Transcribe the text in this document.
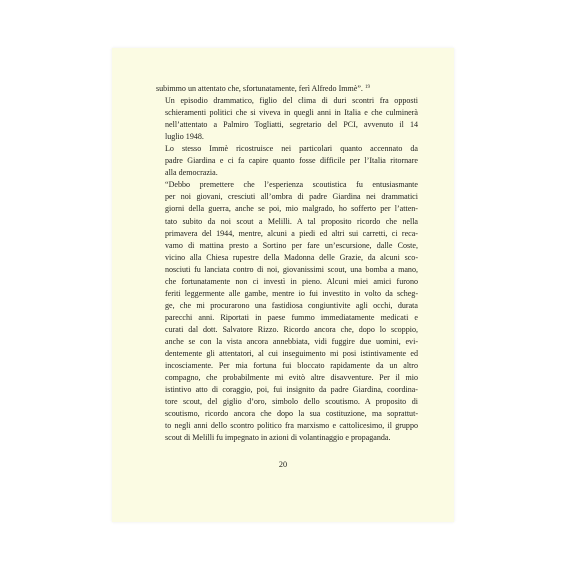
subimmo un attentato che, sfortunatamente, ferì Alfredo Immè”. $^{19}$

Un episodio drammatico, figlio del clima di duri scontri fra opposti
schieramenti politici che si viveva in quegli anni in Italia e che culminerà
nell’attentato a Palmiro Togliatti, segretario del PCI, avvenuto il 14
luglio 1948.

Lo stesso Immè ricostruisce nei particolari quanto accennato da
padre Giardina e ci fa capire quanto fosse difficile per l’Italia ritornare
alla democrazia.

“Debbo premettere che l’esperienza scoutistica fu entusiasmante
per noi giovani, cresciuti all’ombra di padre Giardina nei drammatici
giorni della guerra, anche se poi, mio malgrado, ho sofferto per l’atten-
tato subito da noi scout a Melilli. A tal proposito ricordo che nella
primavera del 1944, mentre, alcuni a piedi ed altri sui carretti, ci reca-
vamo di mattina presto a Sortino per fare un’escursione, dalle Coste,
vicino alla Chiesa rupestre della Madonna delle Grazie, da alcuni sco-
nosciuti fu lanciata contro di noi, giovanissimi scout, una bomba a mano,
che fortunatamente non ci investì in pieno. Alcuni miei amici furono
feriti leggermente alle gambe, mentre io fui investito in volto da scheg-
ge, che mi procurarono una fastidiosa congiuntivite agli occhi, durata
parecchi anni. Riportati in paese fummo immediatamente medicati e
curati dal dott. Salvatore Rizzo. Ricordo ancora che, dopo lo scoppio,
anche se con la vista ancora annebbiata, vidi fuggire due uomini, evi-
dentemente gli attentatori, al cui inseguimento mi posi istintivamente ed
incosciamente. Per mia fortuna fui bloccato rapidamente da un altro
compagno, che probabilmente mi evitò altre disavventure. Per il mio
istintivo atto di coraggio, poi, fui insignito da padre Giardina, coordina-
tore scout, del giglio d’oro, simbolo dello scoutismo. A proposito di
scoutismo, ricordo ancora che dopo la sua costituzione, ma soprattut-
to negli anni dello scontro politico fra marxismo e cattolicesimo, il gruppo
scout di Melilli fu impegnato in azioni di volantinaggio e propaganda.

20
